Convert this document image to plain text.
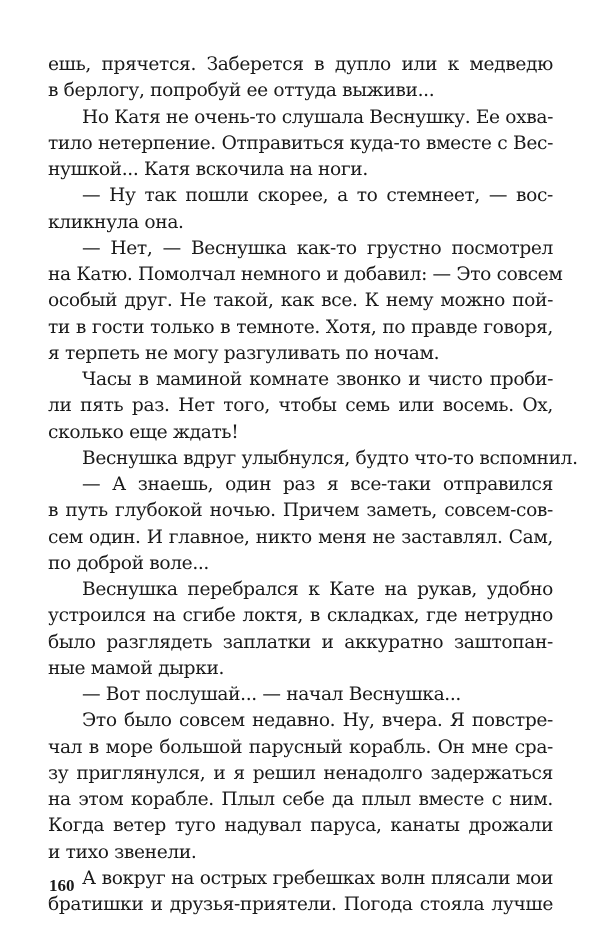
ешь, прячется. Заберется в дупло или к медведю
в берлогу, попробуй ее оттуда выживи...
Но Катя не очень-то слушала Веснушку. Ее охва-
тило нетерпение. Отправиться куда-то вместе с Вес-
нушкой... Катя вскочила на ноги.
— Ну так пошли скорее, а то стемнеет, — вос-
кликнула она.
— Нет, — Веснушка как-то грустно посмотрел
на Катю. Помолчал немного и добавил: — Это совсем
особый друг. Не такой, как все. К нему можно пой-
ти в гости только в темноте. Хотя, по правде говоря,
я терпеть не могу разгуливать по ночам.
Часы в маминой комнате звонко и чисто проби-
ли пять раз. Нет того, чтобы семь или восемь. Ох,
сколько еще ждать!
Веснушка вдруг улыбнулся, будто что-то вспомнил.
— А знаешь, один раз я все-таки отправился
в путь глубокой ночью. Причем заметь, совсем-сов-
сем один. И главное, никто меня не заставлял. Сам,
по доброй воле...
Веснушка перебрался к Кате на рукав, удобно
устроился на сгибе локтя, в складках, где нетрудно
было разглядеть заплатки и аккуратно заштопан-
ные мамой дырки.
— Вот послушай... — начал Веснушка...
Это было совсем недавно. Ну, вчера. Я повстре-
чал в море большой парусный корабль. Он мне сра-
зу приглянулся, и я решил ненадолго задержаться
на этом корабле. Плыл себе да плыл вместе с ним.
Когда ветер туго надувал паруса, канаты дрожали
и тихо звенели.
А вокруг на острых гребешках волн плясали мои
братишки и друзья-приятели. Погода стояла лучше
160
